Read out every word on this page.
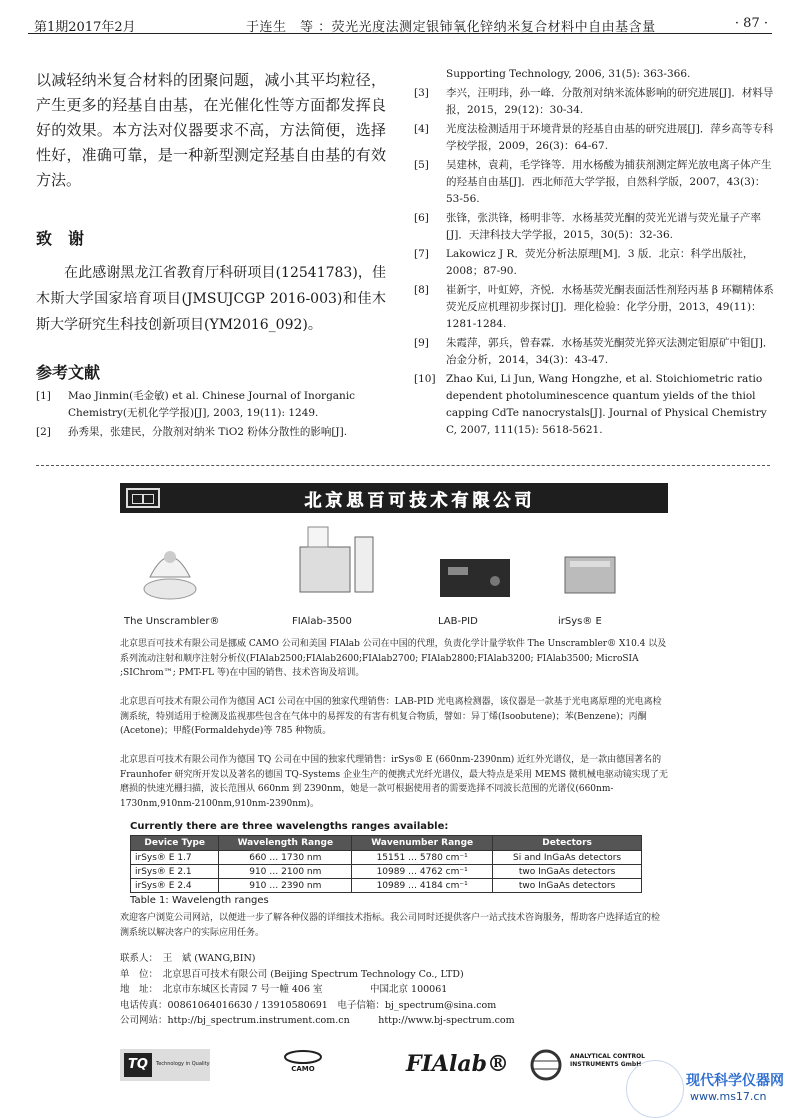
第1期2017年2月	于连生　等 ：荧光光度法测定银铈氧化锌纳米复合材料中自由基含量	· 87 ·

以减轻纳米复合材料的团聚问题，减小其平均粒径，产生更多的羟基自由基，在光催化性等方面都发挥良好的效果。本方法对仪器要求不高，方法简便，选择性好，准确可靠，是一种新型测定羟基自由基的有效方法。

致　谢
在此感谢黑龙江省教育厅科研项目(12541783)，佳木斯大学国家培育项目(JMSUJCGP 2016-003)和佳木斯大学研究生科技创新项目(YM2016_092)。
参考文献
[1] Mao Jinmin(毛金敏) et al. Chinese Journal of Inorganic Chemistry(无机化学学报)[J], 2003, 19(11): 1249.
[2] 孙秀果，张建民，分散剂对纳米 TiO2 粉体分散性的影响[J].
Supporting Technology, 2006, 31(5): 363-366.
[3] 李兴，汪明玮，孙一峰．分散剂对纳米流体影响的研究进展[J]．材料导报，2015，29(12)：30-34.
[4] 光度法检测适用于环境背景的羟基自由基的研究进展[J]．萍乡高等专科学校学报，2009，26(3)：64-67.
[5] 吴建林，袁莉，毛学锋等．用水杨酸为捕获剂测定辉光放电离子体产生的羟基自由基[J]．西北师范大学学报，自然科学版，2007，43(3)：53-56.
[6] 张锋，张洪锋，杨明非等．水杨基荧光酮的荧光光谱与荧光量子产率[J]．天津科技大学学报，2015，30(5)：32-36.
[7] Lakowicz J R．荧光分析法原理[M]．3 版．北京：科学出版社，2008；87-90.
[8] 崔新宇，叶虹婷，齐悦．水杨基荧光酮表面活性剂羟丙基 β 环糊精体系荧光反应机理初步探讨[J]．理化检验：化学分册，2013，49(11)：1281-1284.
[9] 朱霞萍，郭兵，曾春霖．水杨基荧光酮荧光猝灭法测定钼原矿中钼[J]．冶金分析，2014，34(3)：43-47.
[10] Zhao Kui, Li Jun, Wang Hongzhe, et al. Stoichiometric ratio dependent photoluminescence quantum yields of the thiol capping CdTe nanocrystals[J]. Journal of Physical Chemistry C, 2007, 111(15): 5618-5621.
北京思百可技术有限公司
The Unscrambler®	FIAlab-3500	LAB-PID	irSys® E
北京思百可技术有限公司是挪威 CAMO 公司和美国 FIAlab 公司在中国的代理，负责化学计量学软件 The Unscrambler® X10.4 以及系列流动注射和顺序注射分析仪(FIAlab2500;FIAlab2600;FIAlab2700; FIAlab2800;FIAlab3200; FIAlab3500; MicroSIA ;SIChrom™; PMT-FL 等)在中国的销售、技术咨询及培训。
北京思百可技术有限公司作为德国 ACI 公司在中国的独家代理销售：LAB-PID 光电离检测器，该仪器是一款基于光电离原理的光电离检测系统，特别适用于检测及监视那些包含在气体中的易挥发的有害有机复合物质，譬如：异丁烯(Isoobutene)；苯(Benzene)；丙酮(Acetone)；甲醛(Formaldehyde)等 785 种物质。
北京思百可技术有限公司作为德国 TQ 公司在中国的独家代理销售：irSys® E (660nm-2390nm) 近红外光谱仪，是一款由德国著名的 Fraunhofer 研究所开发以及著名的德国 TQ-Systems 企业生产的便携式光纤光谱仪，最大特点是采用 MEMS 微机械电驱动镜实现了无磨损的快速光栅扫描，波长范围从 660nm 到 2390nm，她是一款可根据使用者的需要选择不同波长范围的光谱仪(660nm-1730nm,910nm-2100nm,910nm-2390nm)。
Currently there are three wavelengths ranges available:
Device Type	Wavelength Range	Wavenumber Range	Detectors
irSys® E 1.7	660 … 1730 nm	15151 … 5780 cm⁻¹	Si and InGaAs detectors
irSys® E 2.1	910 … 2100 nm	10989 … 4762 cm⁻¹	two InGaAs detectors
irSys® E 2.4	910 … 2390 nm	10989 … 4184 cm⁻¹	two InGaAs detectors
Table 1: Wavelength ranges
欢迎客户浏览公司网站，以便进一步了解各种仪器的详细技术指标。我公司同时还提供客户一站式技术咨询服务，帮助客户选择适宜的检测系统以解决客户的实际应用任务。
联系人：　王　斌 (WANG,BIN)
单　位：　北京思百可技术有限公司 (Beijing Spectrum Technology Co., LTD)
地　址：　北京市东城区长青园 7 号一幢 406 室　　　　　中国北京 100061
电话传真：00861064016630 / 13910580691　电子信箱：bj_spectrum@sina.com
公司网站：http://bj_spectrum.instrument.com.cn　　　http://www.bj-spectrum.com
TQ	Technology in Quality
CAMO	FIAlab®	ANALYTICAL CONTROL INSTRUMENTS GmbH
现代科学仪器网
www.ms17.cn
